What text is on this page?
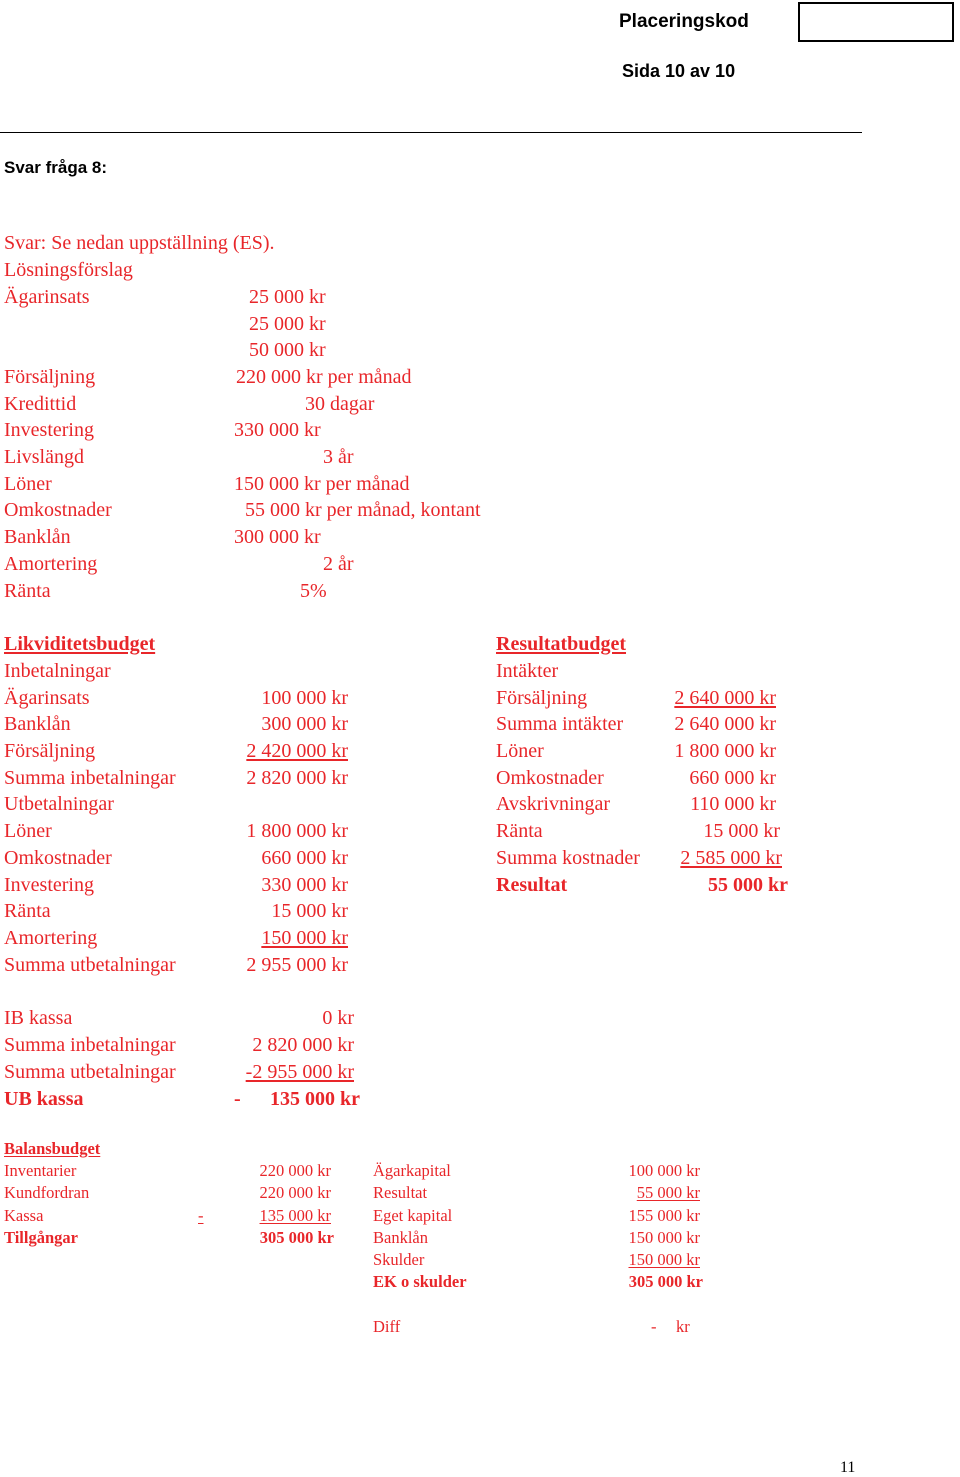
Placeringskod
Sida 10 av 10
Svar fråga 8:
Svar: Se nedan uppställning (ES).
Lösningsförslag
Ägarinsats	25 000 kr
25 000 kr
50 000 kr
Försäljning	220 000 kr per månad
Kredittid	30 dagar
Investering	330 000 kr
Livslängd	3 år
Löner	150 000 kr per månad
Omkostnader	55 000 kr per månad, kontant
Banklån	300 000 kr
Amortering	2 år
Ränta	5%
Likviditetsbudget
Inbetalningar
Ägarinsats	100 000 kr
Banklån	300 000 kr
Försäljning	2 420 000 kr
Summa inbetalningar	2 820 000 kr
Utbetalningar
Löner	1 800 000 kr
Omkostnader	660 000 kr
Investering	330 000 kr
Ränta	15 000 kr
Amortering	150 000 kr
Summa utbetalningar	2 955 000 kr
IB kassa	0 kr
Summa inbetalningar	2 820 000 kr
Summa utbetalningar	-2 955 000 kr
UB kassa	-	135 000 kr
Resultatbudget
Intäkter
Försäljning	2 640 000 kr
Summa intäkter	2 640 000 kr
Löner	1 800 000 kr
Omkostnader	660 000 kr
Avskrivningar	110 000 kr
Ränta	15 000 kr
Summa kostnader	2 585 000 kr
Resultat	55 000 kr
Balansbudget
Inventarier	220 000 kr
Kundfordran	220 000 kr
Kassa	-	135 000 kr
Tillgångar	305 000 kr
Ägarkapital	100 000 kr
Resultat	55 000 kr
Eget kapital	155 000 kr
Banklån	150 000 kr
Skulder	150 000 kr
EK o skulder	305 000 kr
Diff	- kr
11
